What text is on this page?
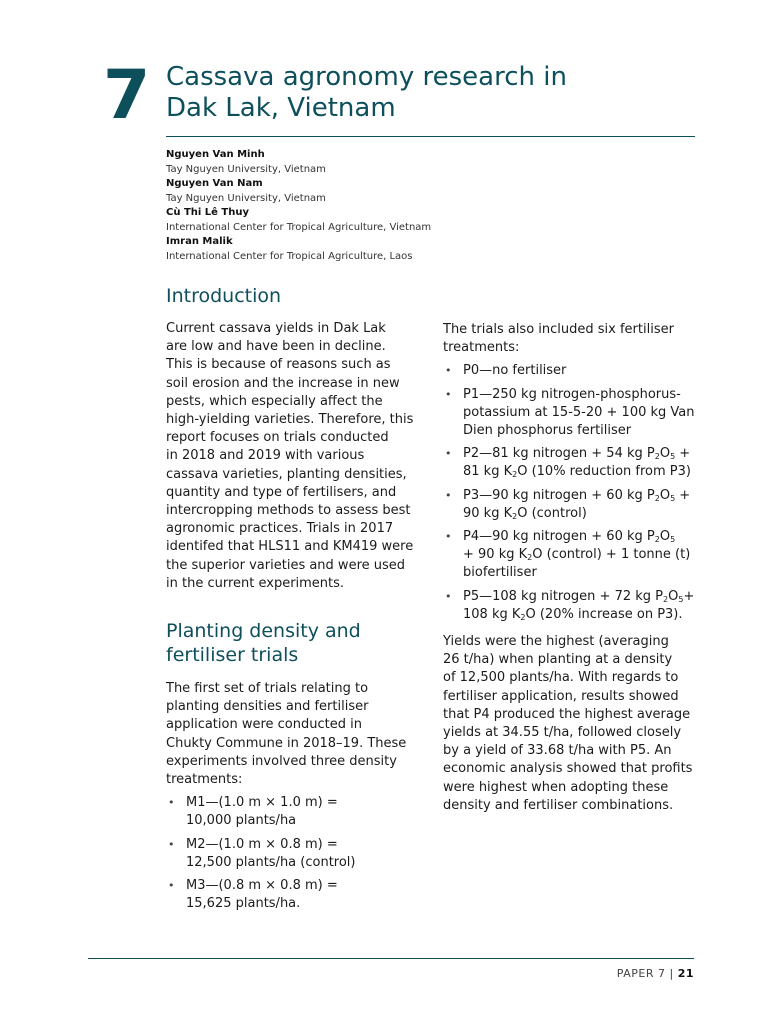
7 Cassava agronomy research in
Dak Lak, Vietnam
Nguyen Van Minh
Tay Nguyen University, Vietnam
Nguyen Van Nam
Tay Nguyen University, Vietnam
Cù Thi Lê Thuy
International Center for Tropical Agriculture, Vietnam
Imran Malik
International Center for Tropical Agriculture, Laos
Introduction
Current cassava yields in Dak Lak
are low and have been in decline.
This is because of reasons such as
soil erosion and the increase in new
pests, which especially affect the
high-yielding varieties. Therefore, this
report focuses on trials conducted
in 2018 and 2019 with various
cassava varieties, planting densities,
quantity and type of fertilisers, and
intercropping methods to assess best
agronomic practices. Trials in 2017
identifed that HLS11 and KM419 were
the superior varieties and were used
in the current experiments.
Planting density and
fertiliser trials
The first set of trials relating to
planting densities and fertiliser
application were conducted in
Chukty Commune in 2018–19. These
experiments involved three density
treatments:
• M1—(1.0 m × 1.0 m) =
10,000 plants/ha
• M2—(1.0 m × 0.8 m) =
12,500 plants/ha (control)
• M3—(0.8 m × 0.8 m) =
15,625 plants/ha.
The trials also included six fertiliser
treatments:
• P0—no fertiliser
• P1—250 kg nitrogen-phosphorus-
potassium at 15-5-20 + 100 kg Van
Dien phosphorus fertiliser
• P2—81 kg nitrogen + 54 kg $P_2O_5$ +
81 kg $K_2O$ (10% reduction from P3)
• P3—90 kg nitrogen + 60 kg $P_2O_5$ +
90 kg $K_2O$ (control)
• P4—90 kg nitrogen + 60 kg $P_2O_5$
+ 90 kg $K_2O$ (control) + 1 tonne (t)
biofertiliser
• P5—108 kg nitrogen + 72 kg $P_2O_5+$
108 kg $K_2O$ (20% increase on P3).
Yields were the highest (averaging
26 t/ha) when planting at a density
of 12,500 plants/ha. With regards to
fertiliser application, results showed
that P4 produced the highest average
yields at 34.55 t/ha, followed closely
by a yield of 33.68 t/ha with P5. An
economic analysis showed that profits
were highest when adopting these
density and fertiliser combinations.
PAPER 7 | 21
